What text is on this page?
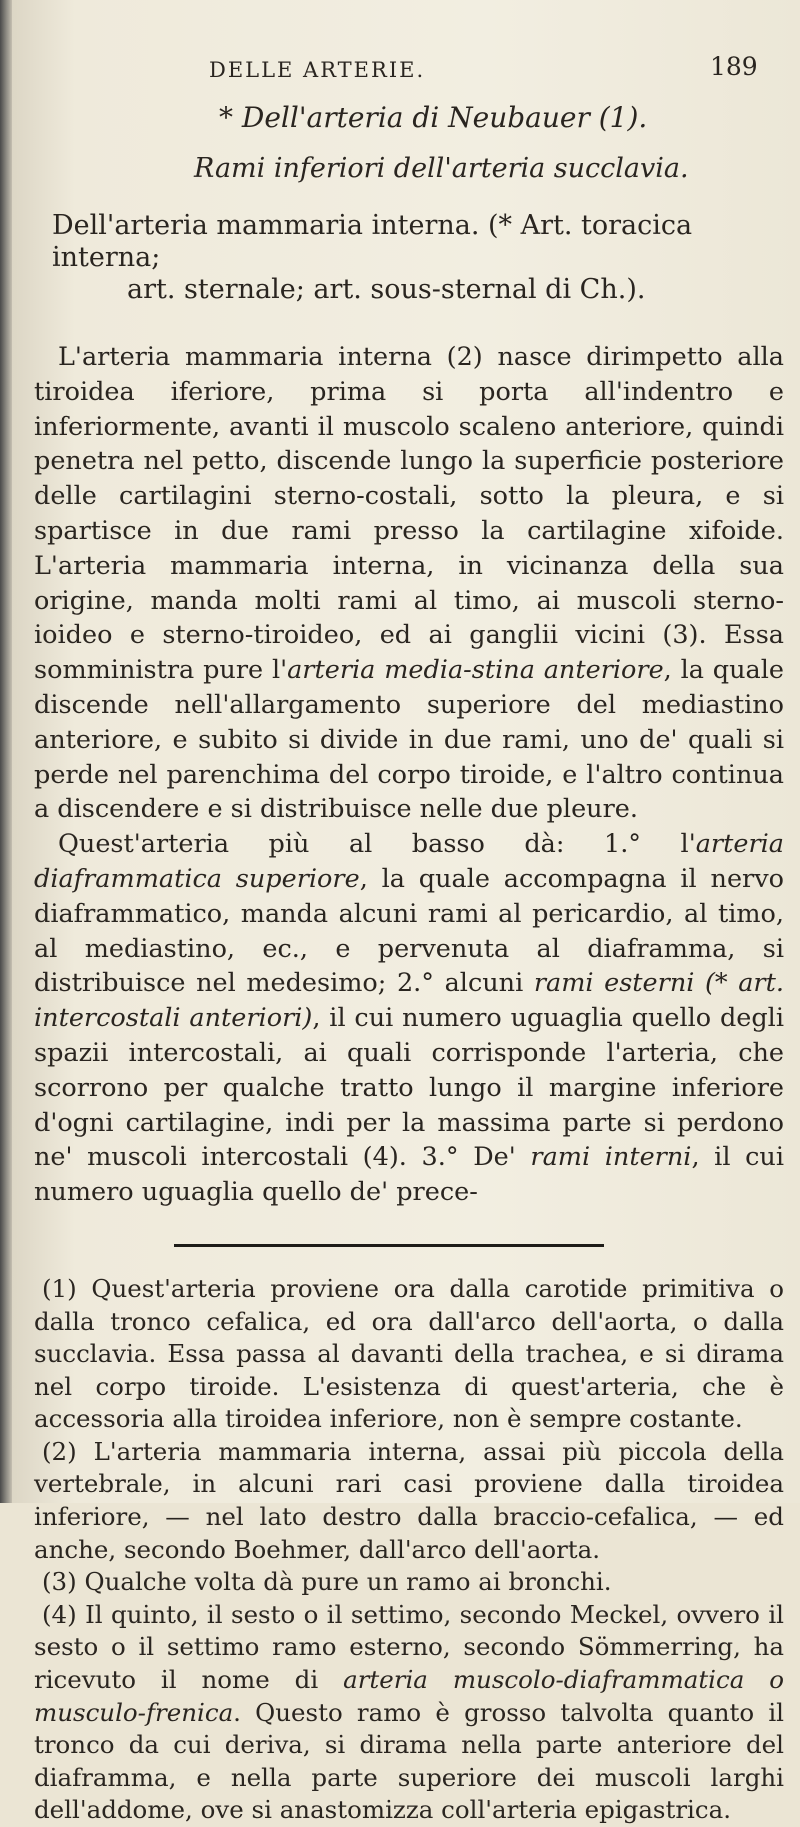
DELLE ARTERIE.	189
* Dell'arteria di Neubauer (1).
Rami inferiori dell'arteria succlavia.
Dell'arteria mammaria interna. (* Art. toracica interna;
art. sternale; art. sous-sternal di Ch.).

L'arteria mammaria interna (2) nasce dirimpetto alla tiroidea iferiore, prima si porta all'indentro e inferiormente, avanti il muscolo scaleno anteriore, quindi penetra nel petto, discende lungo la superficie posteriore delle cartilagini sterno-costali, sotto la pleura, e si spartisce in due rami presso la cartilagine xifoide. L'arteria mammaria interna, in vicinanza della sua origine, manda molti rami al timo, ai muscoli sterno-ioideo e sterno-tiroideo, ed ai ganglii vicini (3). Essa somministra pure l'arteria media-stina anteriore, la quale discende nell'allargamento superiore del mediastino anteriore, e subito si divide in due rami, uno de' quali si perde nel parenchima del corpo tiroide, e l'altro continua a discendere e si distribuisce nelle due pleure.

Quest'arteria più al basso dà: 1.° l'arteria diaframmatica superiore, la quale accompagna il nervo diaframmatico, manda alcuni rami al pericardio, al timo, al mediastino, ec., e pervenuta al diaframma, si distribuisce nel medesimo; 2.° alcuni rami esterni (* art. intercostali anteriori), il cui numero uguaglia quello degli spazii intercostali, ai quali corrisponde l'arteria, che scorrono per qualche tratto lungo il margine inferiore d'ogni cartilagine, indi per la massima parte si perdono ne' muscoli intercostali (4). 3.° De' rami interni, il cui numero uguaglia quello de' prece-

(1) Quest'arteria proviene ora dalla carotide primitiva o dalla tronco cefalica, ed ora dall'arco dell'aorta, o dalla succlavia. Essa passa al davanti della trachea, e si dirama nel corpo tiroide. L'esistenza di quest'arteria, che è accessoria alla tiroidea inferiore, non è sempre costante.

(2) L'arteria mammaria interna, assai più piccola della vertebrale, in alcuni rari casi proviene dalla tiroidea inferiore, — nel lato destro dalla braccio-cefalica, — ed anche, secondo Boehmer, dall'arco dell'aorta.

(3) Qualche volta dà pure un ramo ai bronchi.

(4) Il quinto, il sesto o il settimo, secondo Meckel, ovvero il sesto o il settimo ramo esterno, secondo Sömmerring, ha ricevuto il nome di arteria muscolo-diaframmatica o musculo-frenica. Questo ramo è grosso talvolta quanto il tronco da cui deriva, si dirama nella parte anteriore del diaframma, e nella parte superiore dei muscoli larghi dell'addome, ove si anastomizza coll'arteria epigastrica.
